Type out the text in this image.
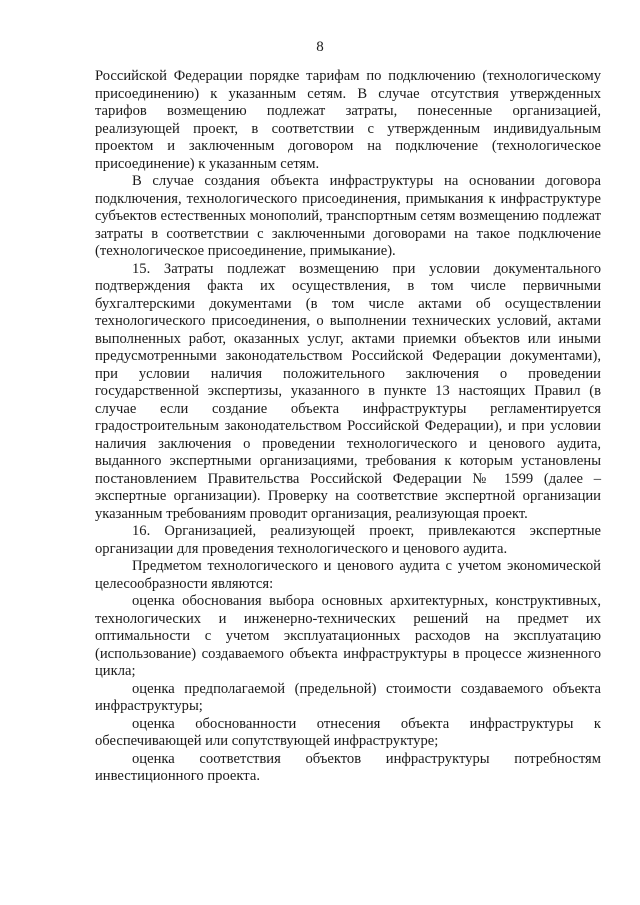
8

Российской Федерации порядке тарифам по подключению (технологическому присоединению) к указанным сетям. В случае отсутствия утвержденных тарифов возмещению подлежат затраты, понесенные организацией, реализующей проект, в соответствии с утвержденным индивидуальным проектом и заключенным договором на подключение (технологическое присоединение) к указанным сетям.

В случае создания объекта инфраструктуры на основании договора подключения, технологического присоединения, примыкания к инфраструктуре субъектов естественных монополий, транспортным сетям возмещению подлежат затраты в соответствии с заключенными договорами на такое подключение (технологическое присоединение, примыкание).

15. Затраты подлежат возмещению при условии документального подтверждения факта их осуществления, в том числе первичными бухгалтерскими документами (в том числе актами об осуществлении технологического присоединения, о выполнении технических условий, актами выполненных работ, оказанных услуг, актами приемки объектов или иными предусмотренными законодательством Российской Федерации документами), при условии наличия положительного заключения о проведении государственной экспертизы, указанного в пункте 13 настоящих Правил (в случае если создание объекта инфраструктуры регламентируется градостроительным законодательством Российской Федерации), и при условии наличия заключения о проведении технологического и ценового аудита, выданного экспертными организациями, требования к которым установлены постановлением Правительства Российской Федерации № 1599 (далее – экспертные организации). Проверку на соответствие экспертной организации указанным требованиям проводит организация, реализующая проект.

16. Организацией, реализующей проект, привлекаются экспертные организации для проведения технологического и ценового аудита.

Предметом технологического и ценового аудита с учетом экономической целесообразности являются:

оценка обоснования выбора основных архитектурных, конструктивных, технологических и инженерно-технических решений на предмет их оптимальности с учетом эксплуатационных расходов на эксплуатацию (использование) создаваемого объекта инфраструктуры в процессе жизненного цикла;

оценка предполагаемой (предельной) стоимости создаваемого объекта инфраструктуры;

оценка обоснованности отнесения объекта инфраструктуры к обеспечивающей или сопутствующей инфраструктуре;

оценка соответствия объектов инфраструктуры потребностям инвестиционного проекта.
